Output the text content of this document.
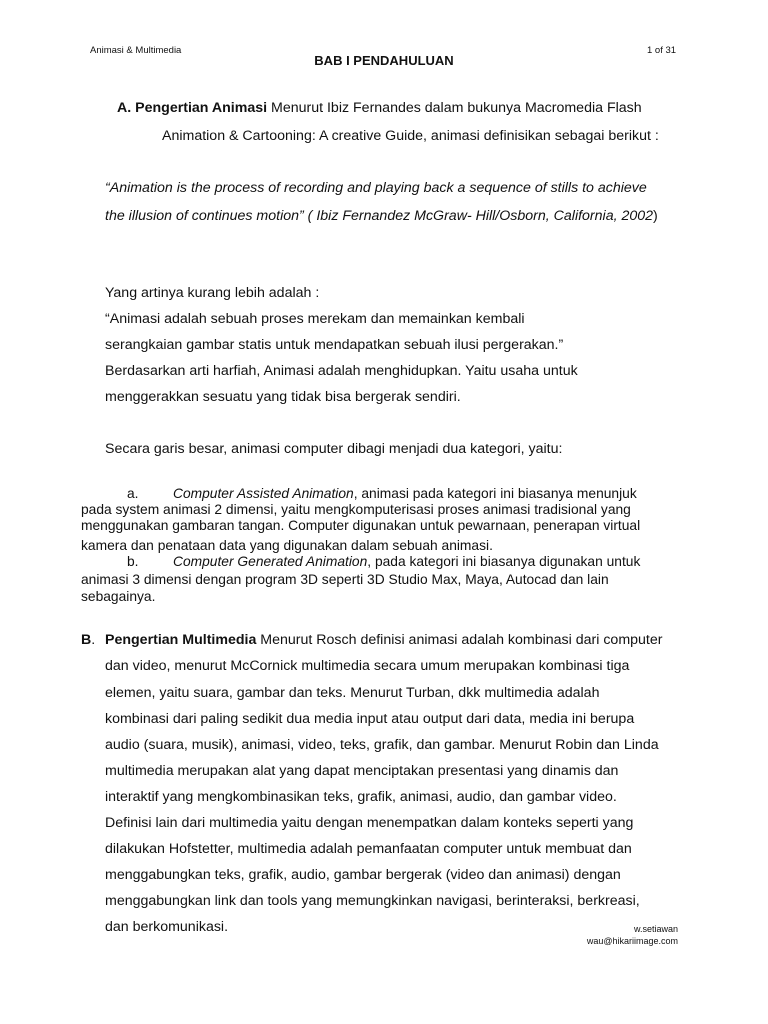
Animasi & Multimedia
BAB I PENDAHULUAN
1 of 31
A. Pengertian Animasi Menurut Ibiz Fernandes dalam bukunya Macromedia Flash
Animation & Cartooning: A creative Guide, animasi definisikan sebagai berikut :
“Animation is the process of recording and playing back a sequence of stills to achieve
the illusion of continues motion” ( Ibiz Fernandez McGraw- Hill/Osborn, California, 2002)
Yang artinya kurang lebih adalah :
“Animasi adalah sebuah proses merekam dan memainkan kembali
serangkaian gambar statis untuk mendapatkan sebuah ilusi pergerakan.”
Berdasarkan arti harfiah, Animasi adalah menghidupkan. Yaitu usaha untuk
menggerakkan sesuatu yang tidak bisa bergerak sendiri.
Secara garis besar, animasi computer dibagi menjadi dua kategori, yaitu:
a. Computer Assisted Animation, animasi pada kategori ini biasanya menunjuk
pada system animasi 2 dimensi, yaitu mengkomputerisasi proses animasi tradisional yang
menggunakan gambaran tangan. Computer digunakan untuk pewarnaan, penerapan virtual
kamera dan penataan data yang digunakan dalam sebuah animasi.
b. Computer Generated Animation, pada kategori ini biasanya digunakan untuk
animasi 3 dimensi dengan program 3D seperti 3D Studio Max, Maya, Autocad dan lain
sebagainya.
B. Pengertian Multimedia Menurut Rosch definisi animasi adalah kombinasi dari computer
dan video, menurut McCornick multimedia secara umum merupakan kombinasi tiga
elemen, yaitu suara, gambar dan teks. Menurut Turban, dkk multimedia adalah
kombinasi dari paling sedikit dua media input atau output dari data, media ini berupa
audio (suara, musik), animasi, video, teks, grafik, dan gambar. Menurut Robin dan Linda
multimedia merupakan alat yang dapat menciptakan presentasi yang dinamis dan
interaktif yang mengkombinasikan teks, grafik, animasi, audio, dan gambar video.
Definisi lain dari multimedia yaitu dengan menempatkan dalam konteks seperti yang
dilakukan Hofstetter, multimedia adalah pemanfaatan computer untuk membuat dan
menggabungkan teks, grafik, audio, gambar bergerak (video dan animasi) dengan
menggabungkan link dan tools yang memungkinkan navigasi, berinteraksi, berkreasi,
dan berkomunikasi.	w.setiawan
wau@hikariimage.com
